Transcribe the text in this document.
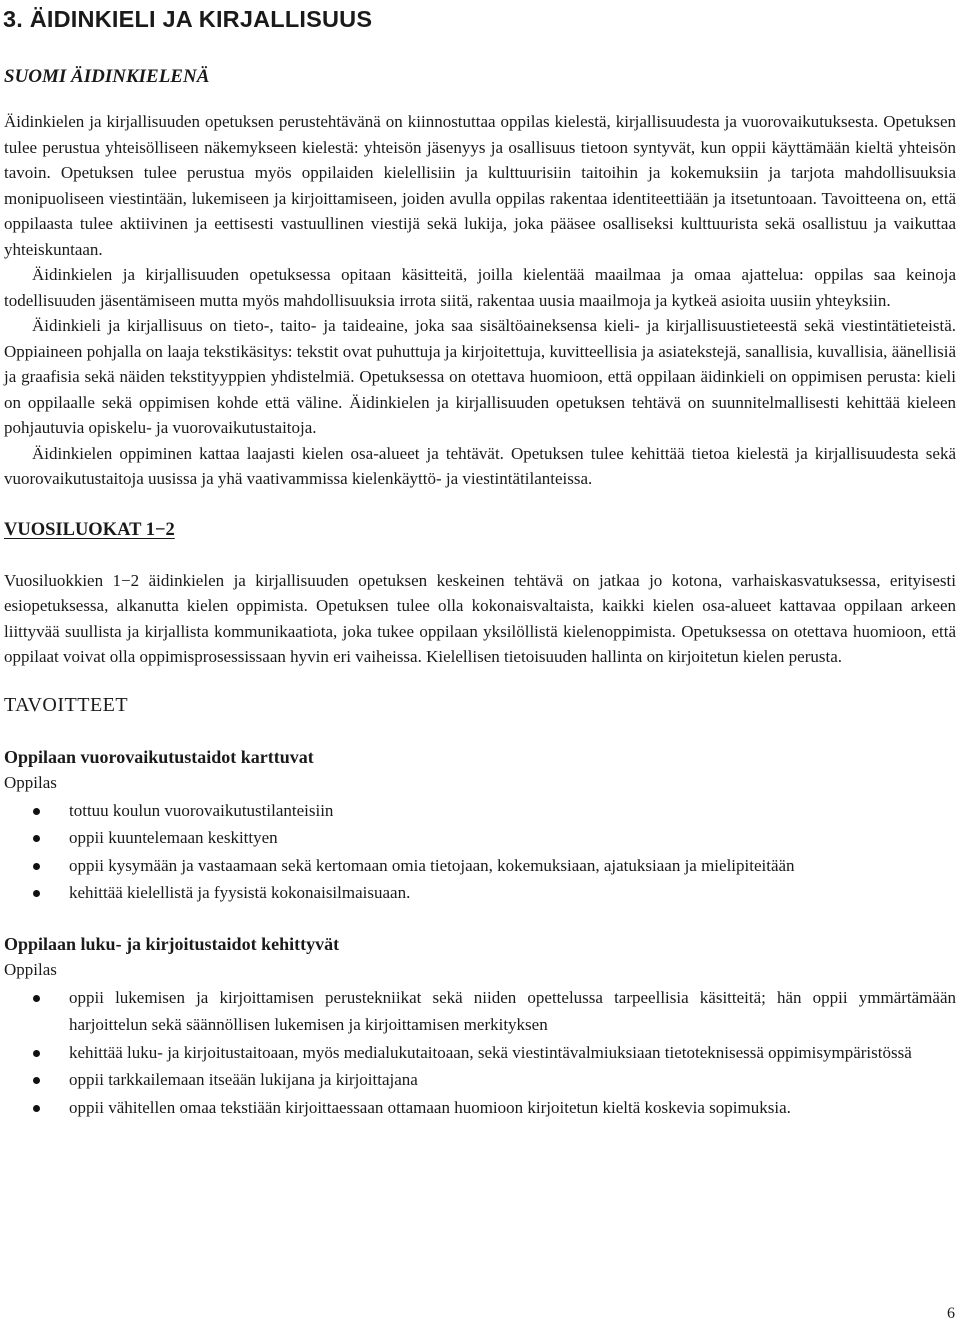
3. ÄIDINKIELI JA KIRJALLISUUS
SUOMI ÄIDINKIELENÄ

Äidinkielen ja kirjallisuuden opetuksen perustehtävänä on kiinnostuttaa oppilas kielestä, kirjallisuudesta ja vuorovaikutuksesta. Opetuksen tulee perustua yhteisölliseen näkemykseen kielestä: yhteisön jäsenyys ja osallisuus tietoon syntyvät, kun oppii käyttämään kieltä yhteisön tavoin. Opetuksen tulee perustua myös oppilaiden kielellisiin ja kulttuurisiin taitoihin ja kokemuksiin ja tarjota mahdollisuuksia monipuoliseen viestintään, lukemiseen ja kirjoittamiseen, joiden avulla oppilas rakentaa identiteettiään ja itsetuntoaan. Tavoitteena on, että oppilaasta tulee aktiivinen ja eettisesti vastuullinen viestijä sekä lukija, joka pääsee osalliseksi kulttuurista sekä osallistuu ja vaikuttaa yhteiskuntaan.

Äidinkielen ja kirjallisuuden opetuksessa opitaan käsitteitä, joilla kielentää maailmaa ja omaa ajattelua: oppilas saa keinoja todellisuuden jäsentämiseen mutta myös mahdollisuuksia irrota siitä, rakentaa uusia maailmoja ja kytkeä asioita uusiin yhteyksiin.

Äidinkieli ja kirjallisuus on tieto-, taito- ja taideaine, joka saa sisältöaineksensa kieli- ja kirjallisuustieteestä sekä viestintätieteistä. Oppiaineen pohjalla on laaja tekstikäsitys: tekstit ovat puhuttuja ja kirjoitettuja, kuvitteellisia ja asiatekstejä, sanallisia, kuvallisia, äänellisiä ja graafisia sekä näiden tekstityyppien yhdistelmiä. Opetuksessa on otettava huomioon, että oppilaan äidinkieli on oppimisen perusta: kieli on oppilaalle sekä oppimisen kohde että väline. Äidinkielen ja kirjallisuuden opetuksen tehtävä on suunnitelmallisesti kehittää kieleen pohjautuvia opiskelu- ja vuorovaikutustaitoja.

Äidinkielen oppiminen kattaa laajasti kielen osa-alueet ja tehtävät. Opetuksen tulee kehittää tietoa kielestä ja kirjallisuudesta sekä vuorovaikutustaitoja uusissa ja yhä vaativammissa kielenkäyttö- ja viestintätilanteissa.

VUOSILUOKAT 1−2

Vuosiluokkien 1−2 äidinkielen ja kirjallisuuden opetuksen keskeinen tehtävä on jatkaa jo kotona, varhaiskasvatuksessa, erityisesti esiopetuksessa, alkanutta kielen oppimista. Opetuksen tulee olla kokonaisvaltaista, kaikki kielen osa-alueet kattavaa oppilaan arkeen liittyvää suullista ja kirjallista kommunikaatiota, joka tukee oppilaan yksilöllistä kielenoppimista. Opetuksessa on otettava huomioon, että oppilaat voivat olla oppimisprosessissaan hyvin eri vaiheissa. Kielellisen tietoisuuden hallinta on kirjoitetun kielen perusta.

TAVOITTEET
Oppilaan vuorovaikutustaidot karttuvat
Oppilas
tottuu koulun vuorovaikutustilanteisiin
oppii kuuntelemaan keskittyen
oppii kysymään ja vastaamaan sekä kertomaan omia tietojaan, kokemuksiaan, ajatuksiaan ja mielipiteitään
kehittää kielellistä ja fyysistä kokonaisilmaisuaan.
Oppilaan luku- ja kirjoitustaidot kehittyvät
Oppilas
oppii lukemisen ja kirjoittamisen perustekniikat sekä niiden opettelussa tarpeellisia käsitteitä; hän oppii ymmärtämään harjoittelun sekä säännöllisen lukemisen ja kirjoittamisen merkityksen
kehittää luku- ja kirjoitustaitoaan, myös medialukutaitoaan, sekä viestintävalmiuksiaan tietoteknisessä oppimisympäristössä
oppii tarkkailemaan itseään lukijana ja kirjoittajana
oppii vähitellen omaa tekstiään kirjoittaessaan ottamaan huomioon kirjoitetun kieltä koskevia sopimuksia.
6
